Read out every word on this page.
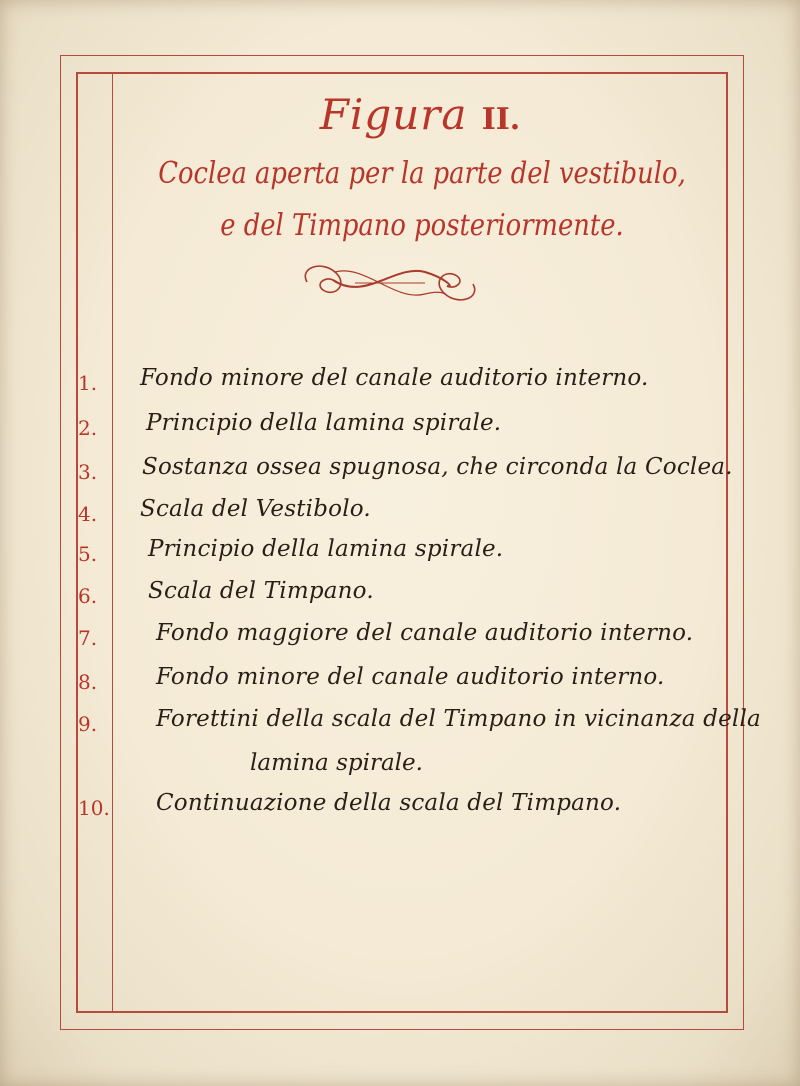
Figura II.
Coclea aperta per la parte del vestibulo,
e del Timpano posteriormente.
1.	Fondo minore del canale auditorio interno.
2.	Principio della lamina spirale.
3.	Sostanza ossea spugnosa, che circonda la Coclea.
4.	Scala del Vestibolo.
5.	Principio della lamina spirale.
6.	Scala del Timpano.
7.	Fondo maggiore del canale auditorio interno.
8.	Fondo minore del canale auditorio interno.
9.	Forettini della scala del Timpano in vicinanza della
lamina spirale.
10.	Continuazione della scala del Timpano.
